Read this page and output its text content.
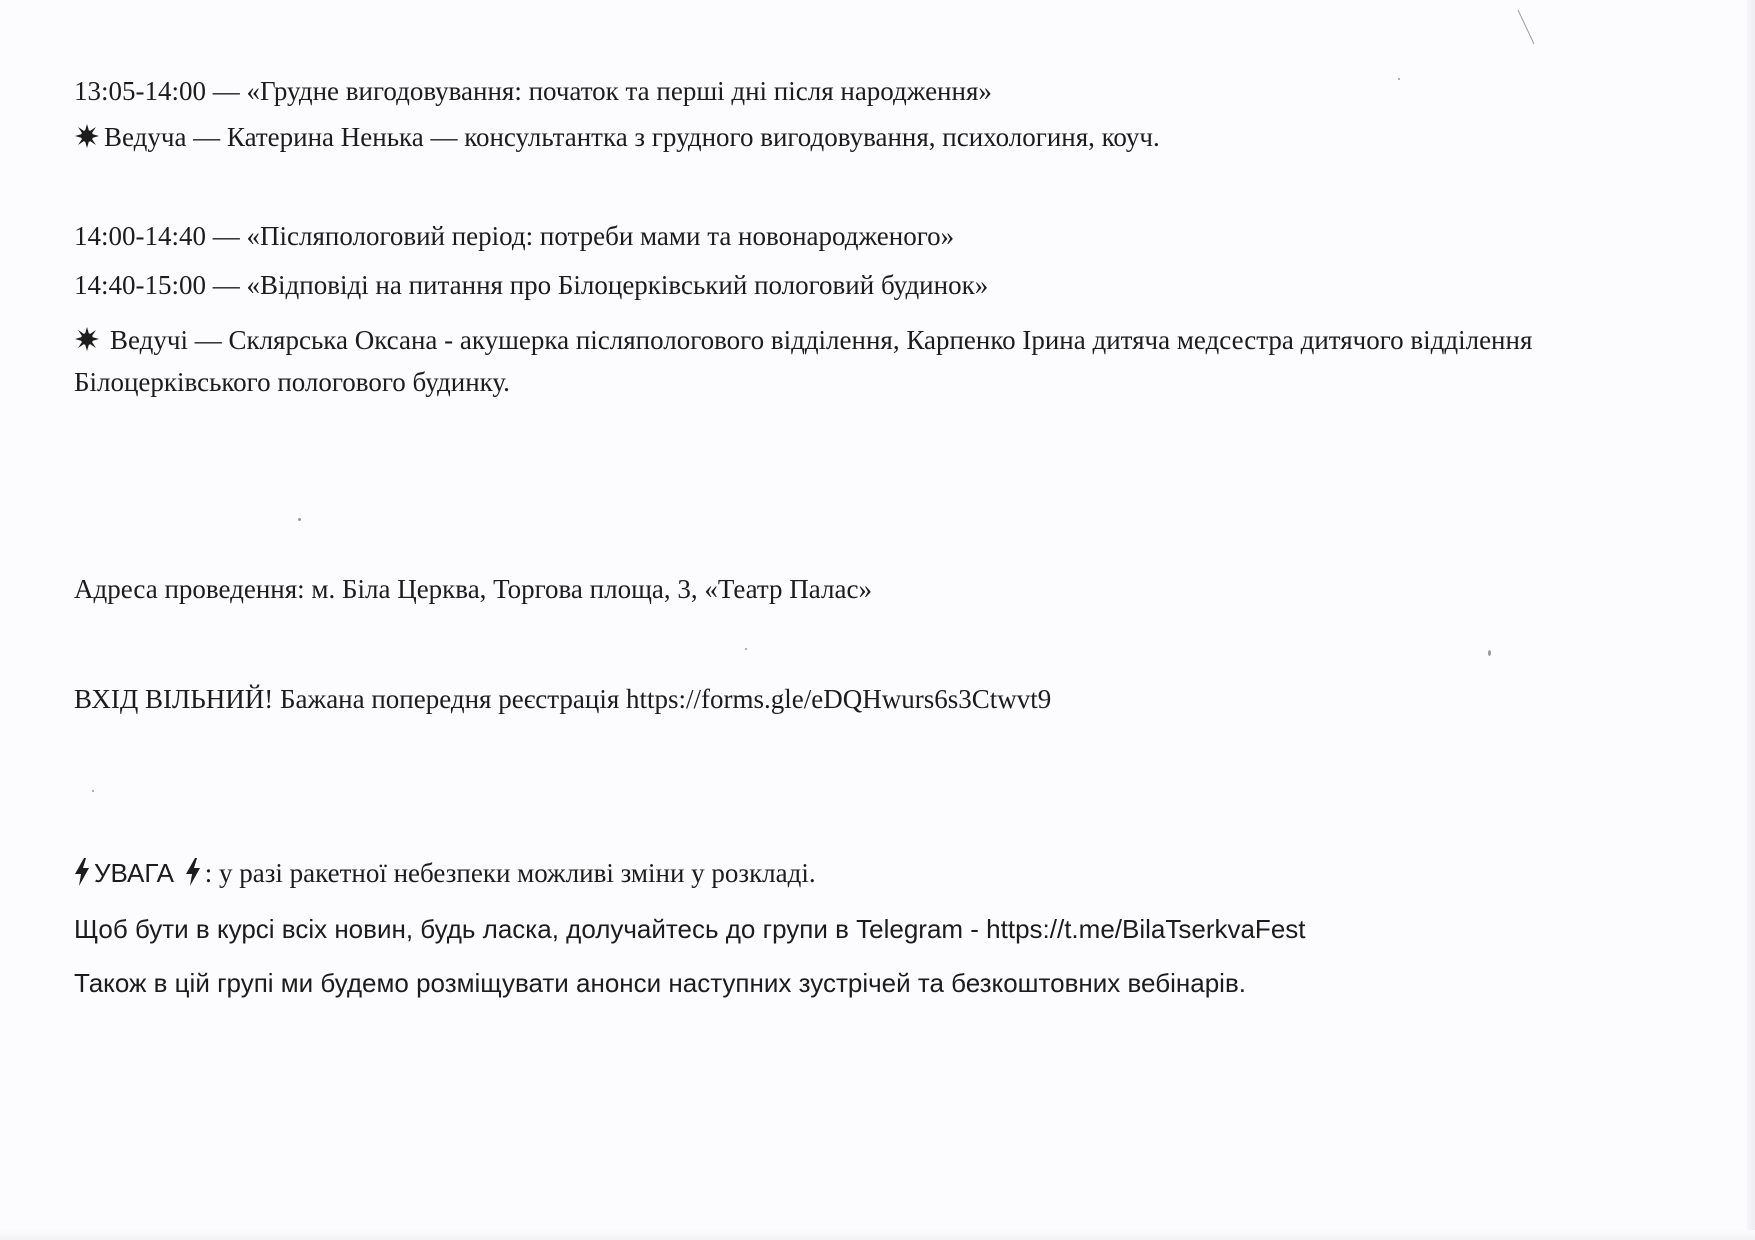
13:05-14:00 — «Грудне вигодовування: початок та перші дні після народження»
Ведуча — Катерина Ненька — консультантка з грудного вигодовування, психологиня, коуч.
14:00-14:40 — «Післяпологовий період: потреби мами та новонародженого»
14:40-15:00 — «Відповіді на питання про Білоцерківський пологовий будинок»
Ведучі — Склярська Оксана - акушерка післяпологового відділення, Карпенко Ірина дитяча медсестра дитячого відділення Білоцерківського пологового будинку.
Адреса проведення: м. Біла Церква, Торгова площа, 3, «Театр Палас»
ВХІД ВІЛЬНИЙ! Бажана попередня реєстрація https://forms.gle/eDQHwurs6s3Ctwvt9
УВАГА : у разі ракетної небезпеки можливі зміни у розкладі.
Щоб бути в курсі всіх новин, будь ласка, долучайтесь до групи в Telegram - https://t.me/BilaTserkvaFest
Також в цій групі ми будемо розміщувати анонси наступних зустрічей та безкоштовних вебінарів.
